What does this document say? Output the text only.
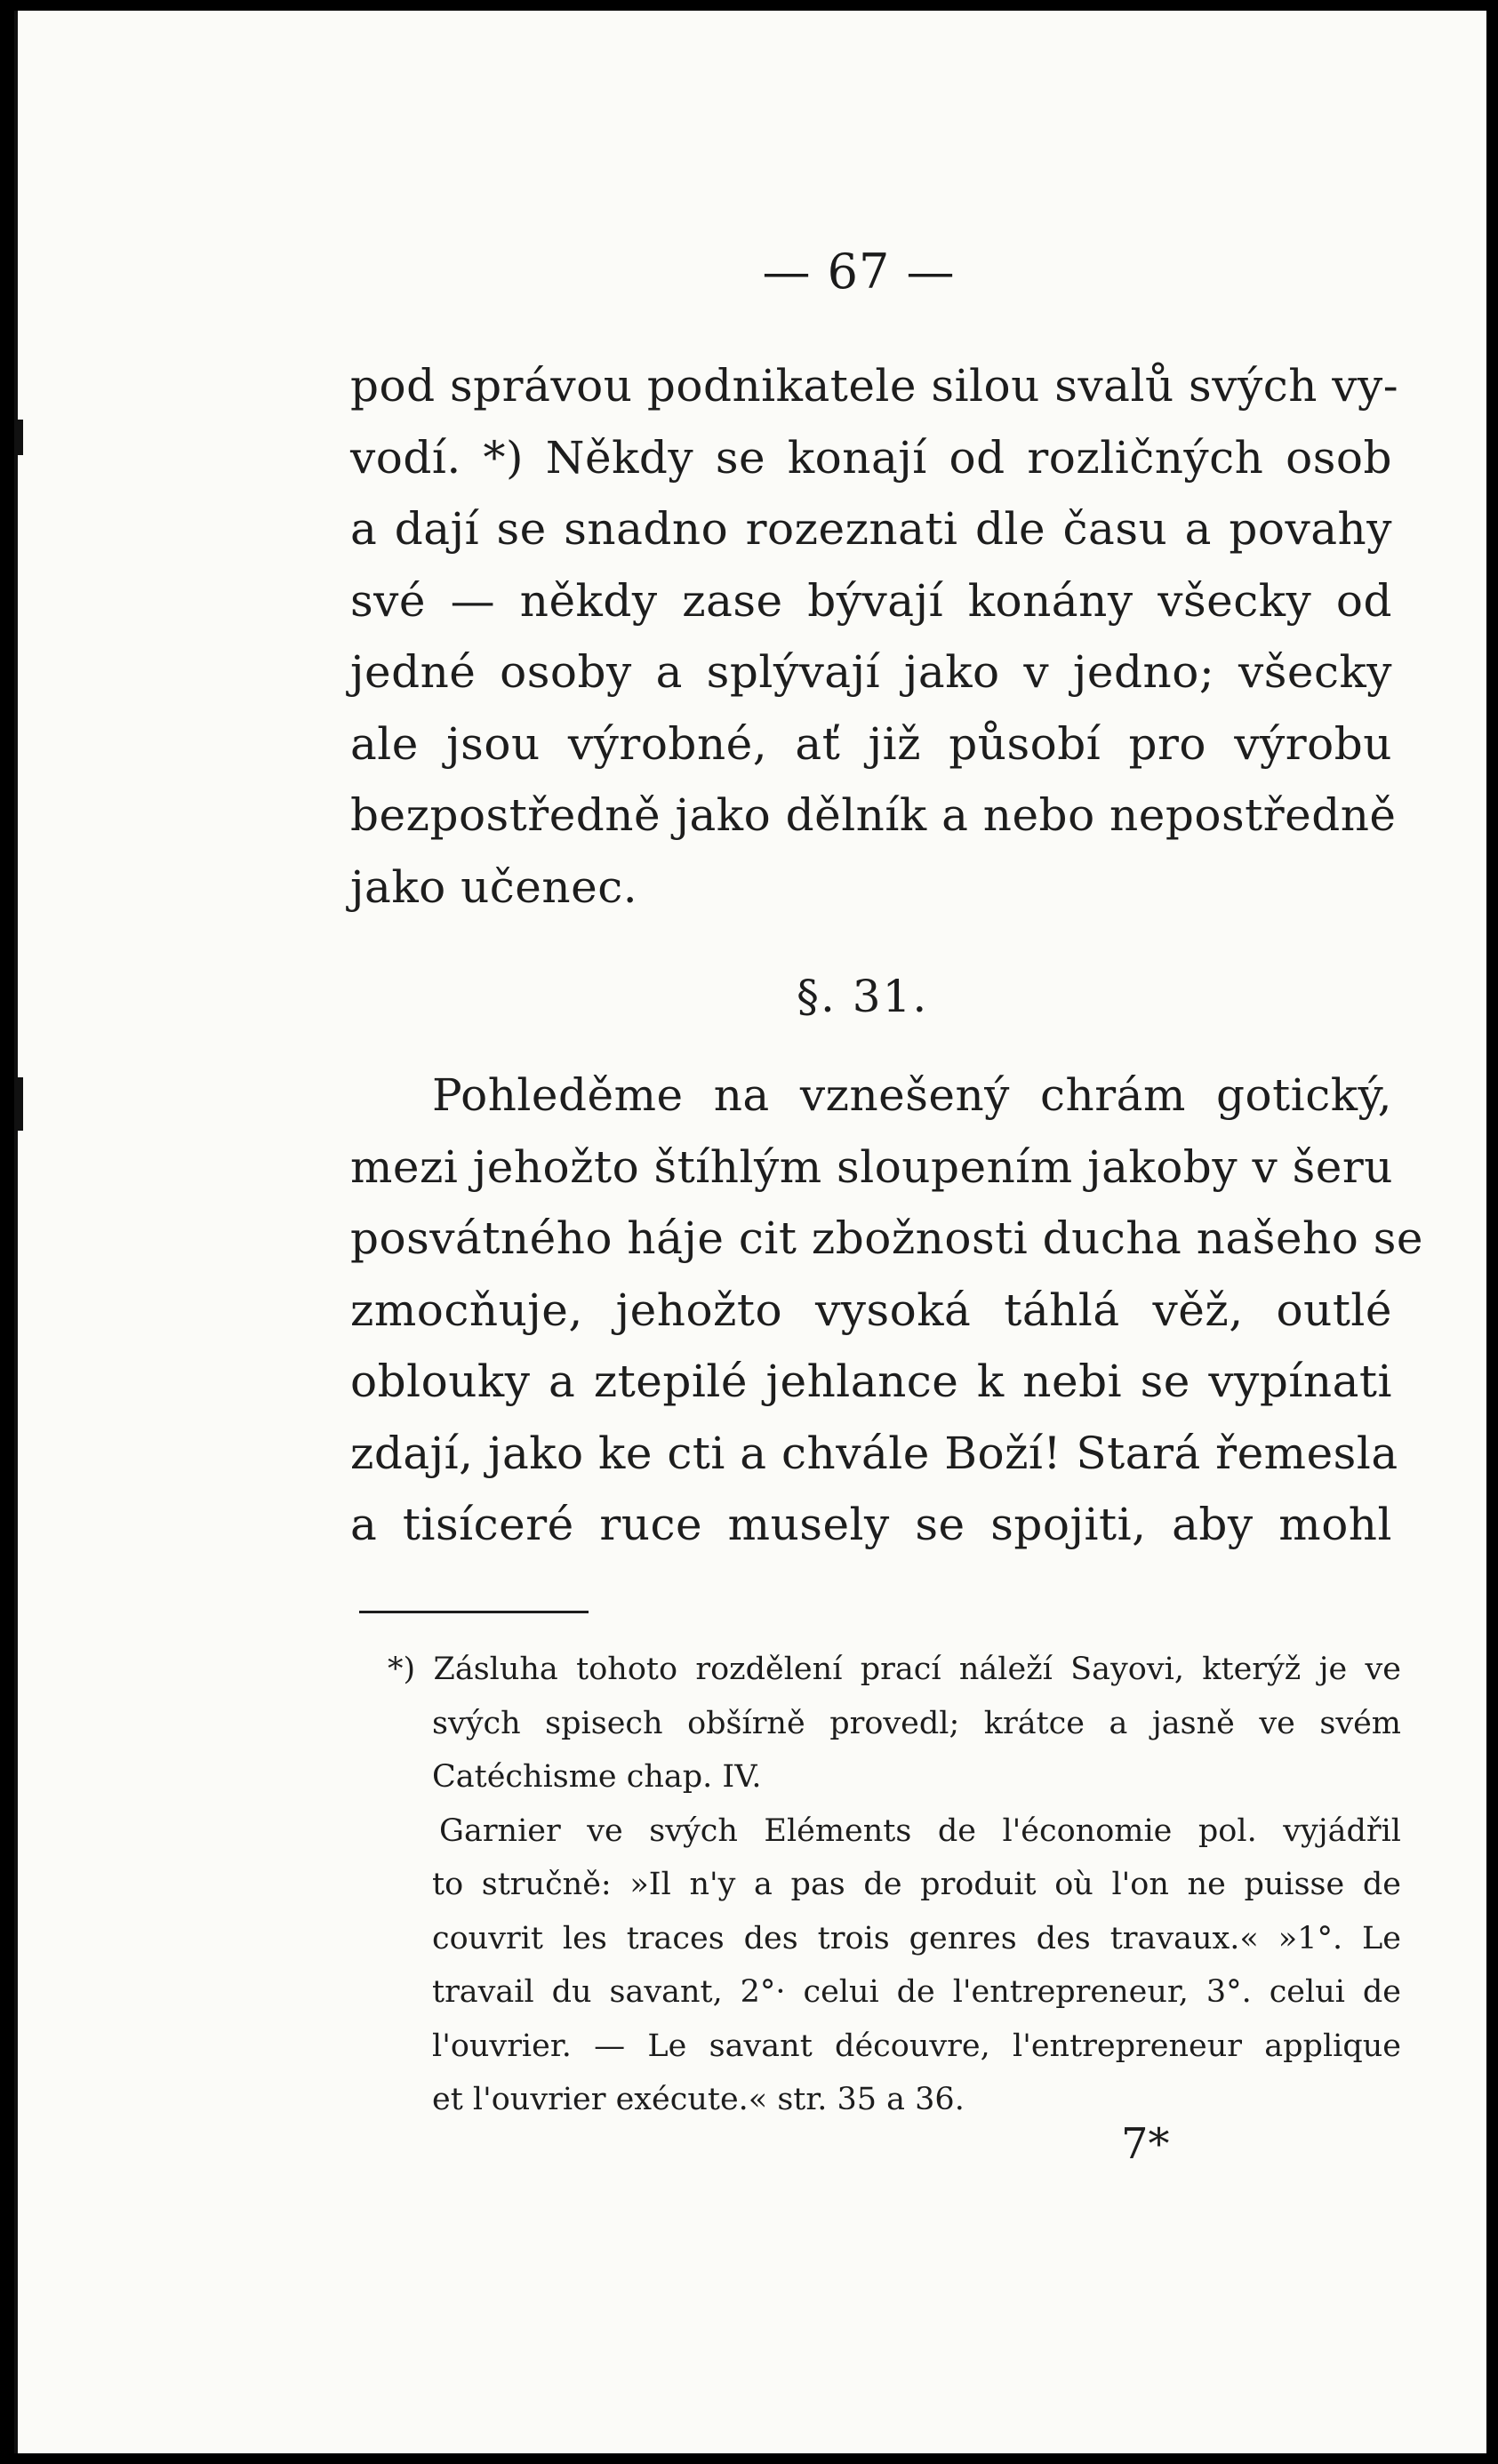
— 67 —
pod správou podnikatele silou svalů svých vy-
vodí. *) Někdy se konají od rozličných osob
a dají se snadno rozeznati dle času a povahy
své — někdy zase bývají konány všecky od
jedné osoby a splývají jako v jedno; všecky
ale jsou výrobné, ať již působí pro výrobu
bezpostředně jako dělník a nebo nepostředně
jako učenec.
§. 31.
Pohleděme na vznešený chrám gotický,
mezi jehožto štíhlým sloupením jakoby v šeru
posvátného háje cit zbožnosti ducha našeho se
zmocňuje, jehožto vysoká táhlá věž, outlé
oblouky a ztepilé jehlance k nebi se vypínati
zdají, jako ke cti a chvále Boží! Stará řemesla
a tisíceré ruce musely se spojiti, aby mohl
*) Zásluha tohoto rozdělení prací náleží Sayovi, kterýž je ve
svých spisech obšírně provedl; krátce a jasně ve svém
Catéchisme chap. IV.
Garnier ve svých Eléments de l'économie pol. vyjádřil
to stručně: »Il n'y a pas de produit où l'on ne puisse de
couvrit les traces des trois genres des travaux.« »1°. Le
travail du savant, 2°· celui de l'entrepreneur, 3°. celui de
l'ouvrier. — Le savant découvre, l'entrepreneur applique
et l'ouvrier exécute.« str. 35 a 36.
7*
